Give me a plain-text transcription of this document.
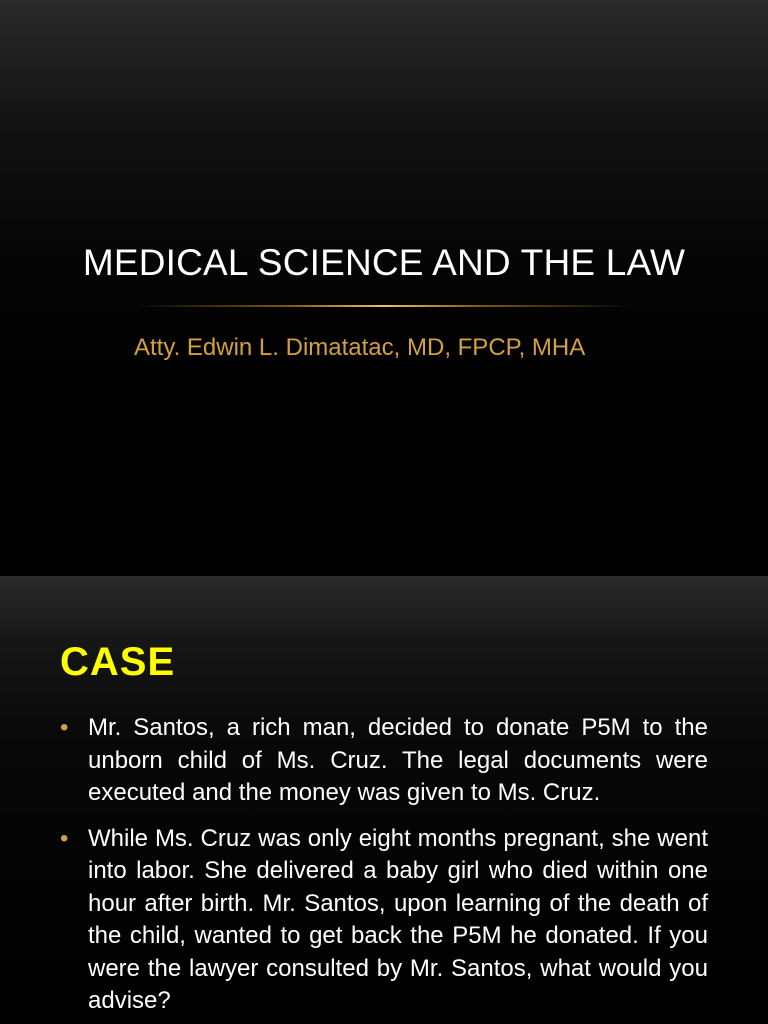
MEDICAL SCIENCE AND THE LAW
Atty. Edwin L. Dimatatac, MD, FPCP, MHA
CASE
• Mr. Santos, a rich man, decided to donate P5M to the unborn child of Ms. Cruz. The legal documents were executed and the money was given to Ms. Cruz.
• While Ms. Cruz was only eight months pregnant, she went into labor. She delivered a baby girl who died within one hour after birth. Mr. Santos, upon learning of the death of the child, wanted to get back the P5M he donated. If you were the lawyer consulted by Mr. Santos, what would you advise?
